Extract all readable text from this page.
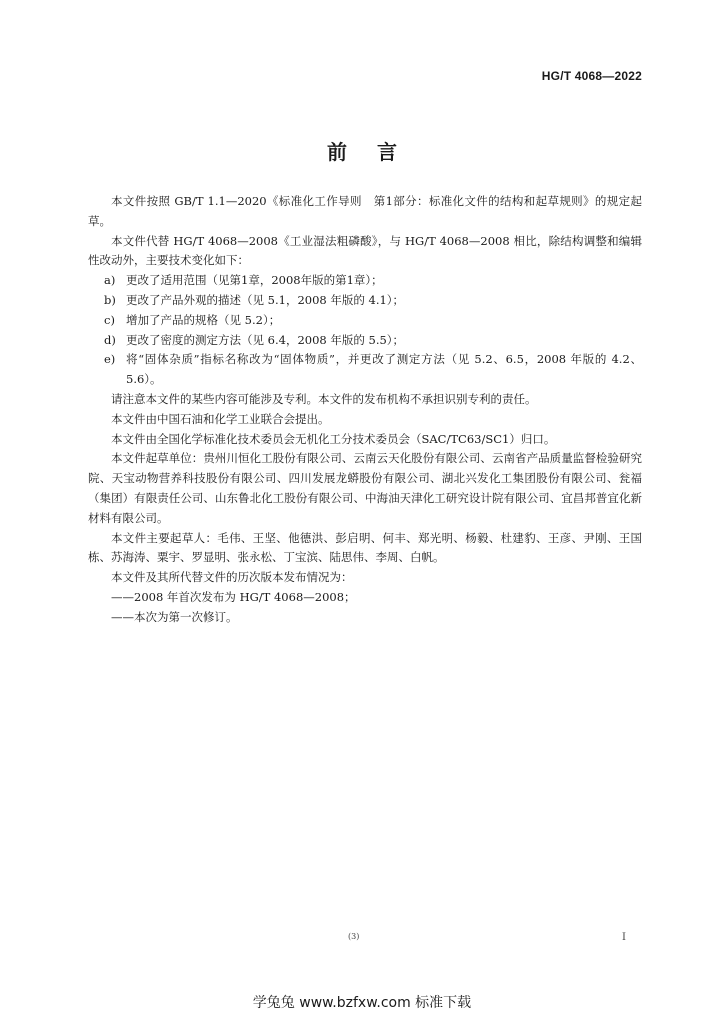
HG/T 4068—2022
前言

本文件按照 GB/T 1.1—2020《标准化工作导则　第1部分：标准化文件的结构和起草规则》的规定起草。

本文件代替 HG/T 4068—2008《工业湿法粗磷酸》，与 HG/T 4068—2008 相比，除结构调整和编辑性改动外，主要技术变化如下：

a) 更改了适用范围（见第1章，2008年版的第1章）；
b) 更改了产品外观的描述（见 5.1，2008 年版的 4.1）；
c) 增加了产品的规格（见 5.2）；
d) 更改了密度的测定方法（见 6.4，2008 年版的 5.5）；
e) 将“固体杂质”指标名称改为“固体物质”，并更改了测定方法（见 5.2、6.5，2008 年版的 4.2、5.6）。

请注意本文件的某些内容可能涉及专利。本文件的发布机构不承担识别专利的责任。

本文件由中国石油和化学工业联合会提出。

本文件由全国化学标准化技术委员会无机化工分技术委员会（SAC/TC63/SC1）归口。

本文件起草单位：贵州川恒化工股份有限公司、云南云天化股份有限公司、云南省产品质量监督检验研究院、天宝动物营养科技股份有限公司、四川发展龙蟒股份有限公司、湖北兴发化工集团股份有限公司、瓮福（集团）有限责任公司、山东鲁北化工股份有限公司、中海油天津化工研究设计院有限公司、宜昌邦普宜化新材料有限公司。

本文件主要起草人：毛伟、王坚、他德洪、彭启明、何丰、郑光明、杨毅、杜建豹、王彦、尹刚、王国栋、苏海涛、粟宇、罗显明、张永松、丁宝滨、陆思伟、李周、白帆。

本文件及其所代替文件的历次版本发布情况为：

——2008 年首次发布为 HG/T 4068—2008；

——本次为第一次修订。

(3)	I
学兔兔 www.bzfxw.com 标准下载
